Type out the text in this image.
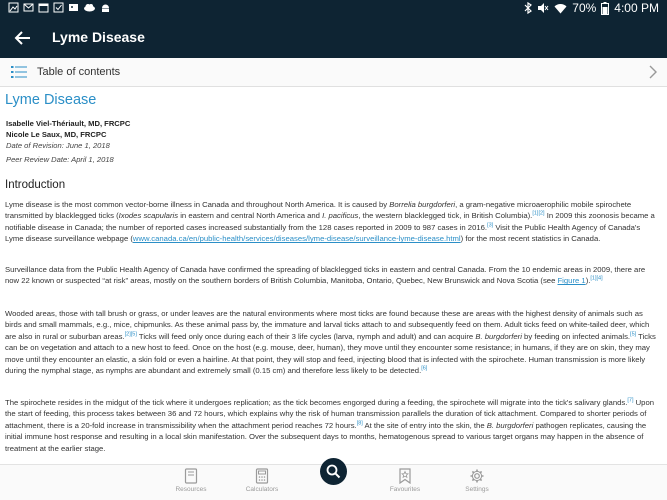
70% 4:00 PM
Lyme Disease
Table of contents
Lyme Disease
Isabelle Viel-Thériault, MD, FRCPC
Nicole Le Saux, MD, FRCPC
Date of Revision: June 1, 2018
Peer Review Date: April 1, 2018
Introduction

Lyme disease is the most common vector-borne illness in Canada and throughout North America. It is caused by Borrelia burgdorferi, a gram-negative microaerophilic mobile spirochete transmitted by blacklegged ticks (Ixodes scapularis in eastern and central North America and I. pacificus, the western blacklegged tick, in British Columbia).[1][2] In 2009 this zoonosis became a notifiable disease in Canada; the number of reported cases increased substantially from the 128 cases reported in 2009 to 987 cases in 2016.[3] Visit the Public Health Agency of Canada's Lyme disease surveillance webpage (www.canada.ca/en/public-health/services/diseases/lyme-disease/surveillance-lyme-disease.html) for the most recent statistics in Canada.

Surveillance data from the Public Health Agency of Canada have confirmed the spreading of blacklegged ticks in eastern and central Canada. From the 10 endemic areas in 2009, there are now 22 known or suspected “at risk” areas, mostly on the southern borders of British Columbia, Manitoba, Ontario, Quebec, New Brunswick and Nova Scotia (see Figure 1).[1][4]

Wooded areas, those with tall brush or grass, or under leaves are the natural environments where most ticks are found because these are areas with the highest density of animals such as birds and small mammals, e.g., mice, chipmunks. As these animal pass by, the immature and larval ticks attach to and subsequently feed on them. Adult ticks feed on white-tailed deer, which are also in rural or suburban areas.[2][5] Ticks will feed only once during each of their 3 life cycles (larva, nymph and adult) and can acquire B. burgdorferi by feeding on infected animals.[5] Ticks can be on vegetation and attach to a new host to feed. Once on the host (e.g. mouse, deer, human), they move until they encounter some resistance; in humans, if they are on skin, they may move until they encounter an elastic, a skin fold or even a hairline. At that point, they will stop and feed, injecting blood that is infected with the spirochete. Human transmission is more likely during the nymphal stage, as nymphs are abundant and extremely small (0.15 cm) and therefore less likely to be detected.[6]

The spirochete resides in the midgut of the tick where it undergoes replication; as the tick becomes engorged during a feeding, the spirochete will migrate into the tick's salivary glands.[7] Upon the start of feeding, this process takes between 36 and 72 hours, which explains why the risk of human transmission parallels the duration of tick attachment. Compared to shorter periods of attachment, there is a 20-fold increase in transmissibility when the attachment period reaches 72 hours.[8] At the site of entry into the skin, the B. burgdorferi pathogen replicates, causing the initial immune host response and resulting in a local skin manifestation. Over the subsequent days to months, hematogenous spread to various target organs may happen in the absence of treatment at the earlier stage.

Resources	Calculators	Favourites	Settings
